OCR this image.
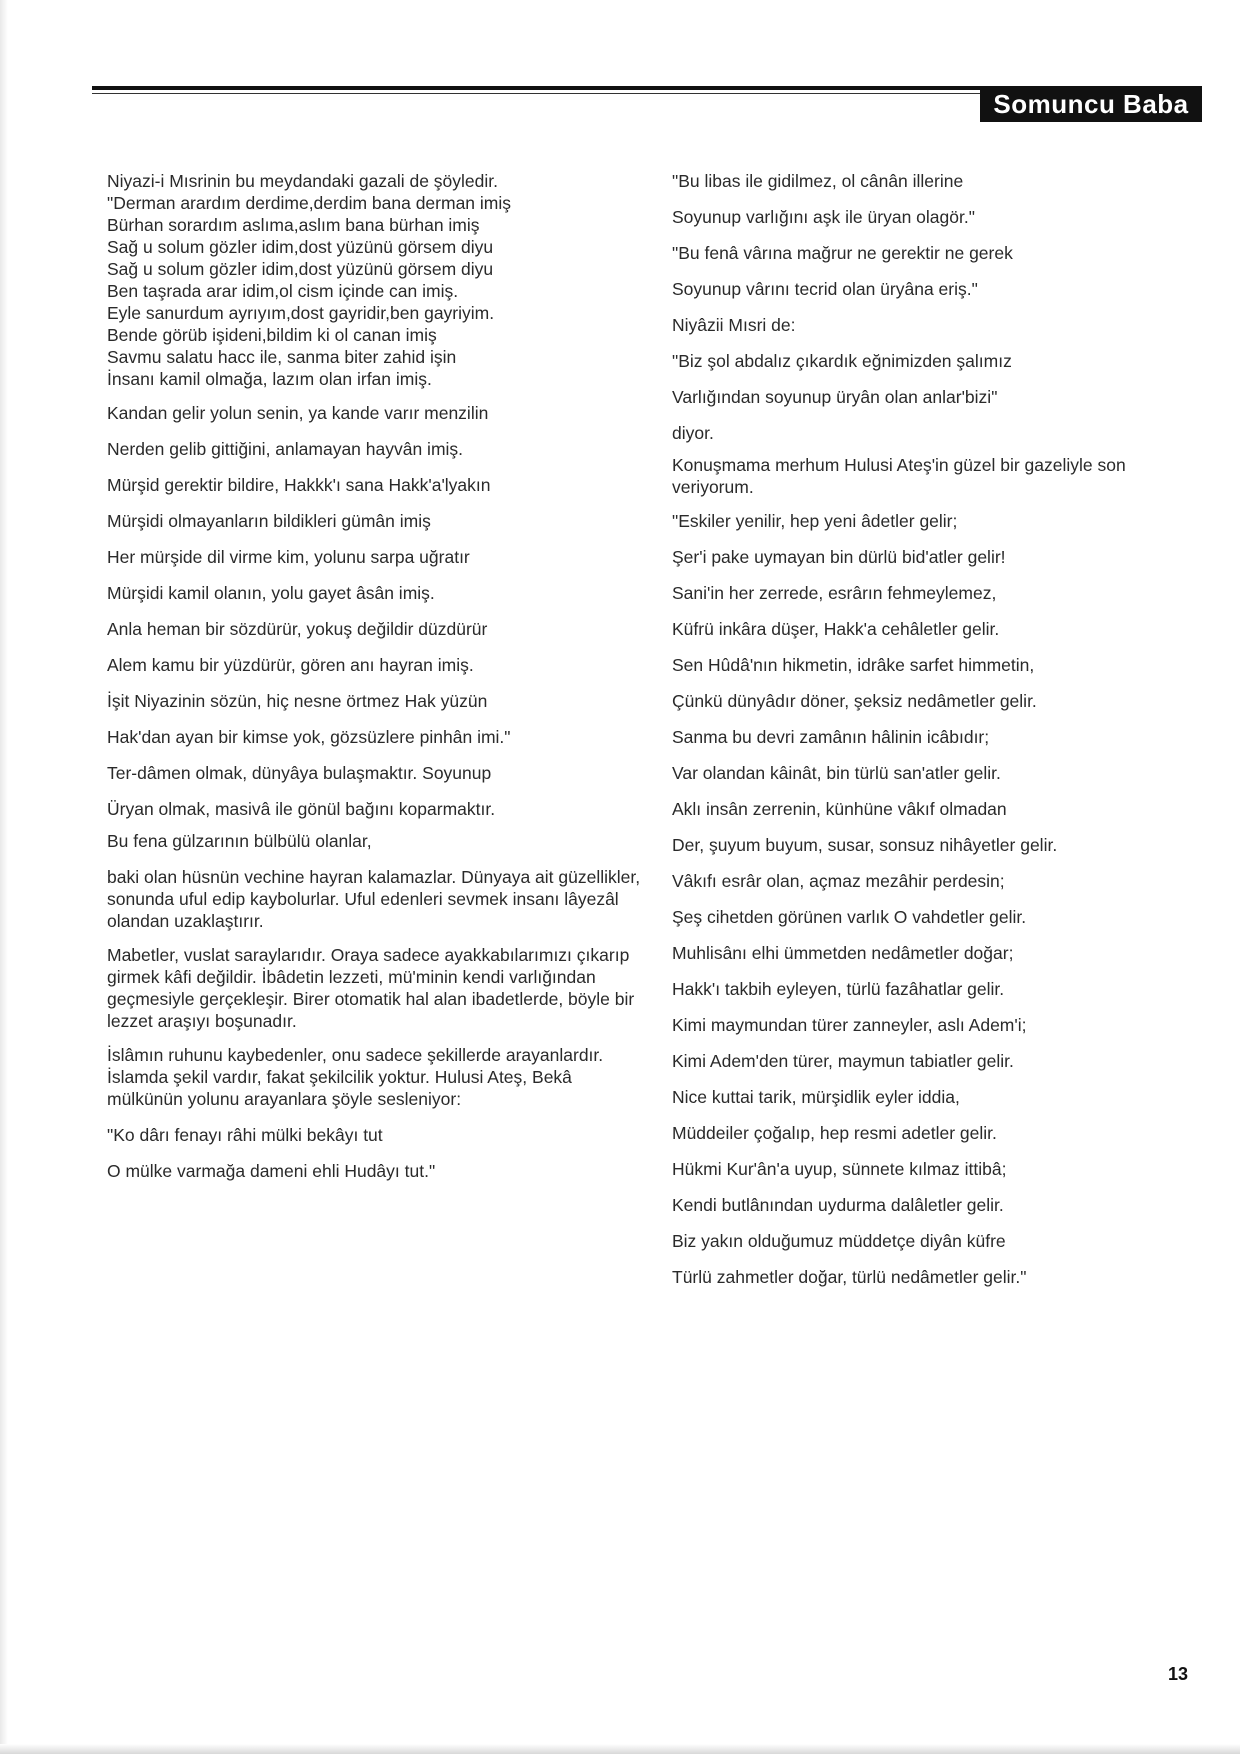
Somuncu Baba

Niyazi-i Mısrinin bu meydandaki gazali de şöyledir.

"Derman arardım derdime,derdim bana derman imiş

Bürhan sorardım aslıma,aslım bana bürhan imiş

Sağ u solum gözler idim,dost yüzünü görsem diyu

Sağ u solum gözler idim,dost yüzünü görsem diyu

Ben taşrada arar idim,ol cism içinde can imiş.

Eyle sanurdum ayrıyım,dost gayridir,ben gayriyim.

Bende görüb işideni,bildim ki ol canan imiş

Savmu salatu hacc ile, sanma biter zahid işin

İnsanı kamil olmağa, lazım olan irfan imiş.

Kandan gelir yolun senin, ya kande varır menzilin

Nerden gelib gittiğini, anlamayan hayvân imiş.

Mürşid gerektir bildire, Hakkk'ı sana Hakk'a'lyakın

Mürşidi olmayanların bildikleri gümân imiş

Her mürşide dil virme kim, yolunu sarpa uğratır

Mürşidi kamil olanın, yolu gayet âsân imiş.

Anla heman bir sözdürür, yokuş değildir düzdürür

Alem kamu bir yüzdürür, gören anı hayran imiş.

İşit Niyazinin sözün, hiç nesne örtmez Hak yüzün

Hak'dan ayan bir kimse yok, gözsüzlere pinhân imi."

Ter-dâmen olmak, dünyâya bulaşmaktır. Soyunup

Üryan olmak, masivâ ile gönül bağını koparmaktır.

Bu fena gülzarının bülbülü olanlar,

baki olan hüsnün vechine hayran kalamazlar. Dünyaya ait güzellikler, sonunda uful edip kaybolurlar. Uful edenleri sevmek insanı lâyezâl olandan uzaklaştırır.

Mabetler, vuslat saraylarıdır. Oraya sadece ayakkabılarımızı çıkarıp girmek kâfi değildir. İbâdetin lezzeti, mü'minin kendi varlığından geçmesiyle gerçekleşir. Birer otomatik hal alan ibadetlerde, böyle bir lezzet araşıyı boşunadır.

İslâmın ruhunu kaybedenler, onu sadece şekillerde arayanlardır. İslamda şekil vardır, fakat şekilcilik yoktur. Hulusi Ateş, Bekâ mülkünün yolunu arayanlara şöyle sesleniyor:

"Ko dârı fenayı râhi mülki bekâyı tut

O mülke varmağa dameni ehli Hudâyı tut."

"Bu libas ile gidilmez, ol cânân illerine

Soyunup varlığını aşk ile üryan olagör."

"Bu fenâ vârına mağrur ne gerektir ne gerek

Soyunup vârını tecrid olan üryâna eriş."

Niyâzii Mısri de:

"Biz şol abdalız çıkardık eğnimizden şalımız

Varlığından soyunup üryân olan anlar'bizi"

diyor.

Konuşmama merhum Hulusi Ateş'in güzel bir gazeliyle son veriyorum.

"Eskiler yenilir, hep yeni âdetler gelir;

Şer'i pake uymayan bin dürlü bid'atler gelir!

Sani'in her zerrede, esrârın fehmeylemez,

Küfrü inkâra düşer, Hakk'a cehâletler gelir.

Sen Hûdâ'nın hikmetin, idrâke sarfet himmetin,

Çünkü dünyâdır döner, şeksiz nedâmetler gelir.

Sanma bu devri zamânın hâlinin icâbıdır;

Var olandan kâinât, bin türlü san'atler gelir.

Aklı insân zerrenin, künhüne vâkıf olmadan

Der, şuyum buyum, susar, sonsuz nihâyetler gelir.

Vâkıfı esrâr olan, açmaz mezâhir perdesin;

Şeş cihetden görünen varlık O vahdetler gelir.

Muhlisânı elhi ümmetden nedâmetler doğar;

Hakk'ı takbih eyleyen, türlü fazâhatlar gelir.

Kimi maymundan türer zanneyler, aslı Adem'i;

Kimi Adem'den türer, maymun tabiatler gelir.

Nice kuttai tarik, mürşidlik eyler iddia,

Müddeiler çoğalıp, hep resmi adetler gelir.

Hükmi Kur'ân'a uyup, sünnete kılmaz ittibâ;

Kendi butlânından uydurma dalâletler gelir.

Biz yakın olduğumuz müddetçe diyân küfre

Türlü zahmetler doğar, türlü nedâmetler gelir."

13
